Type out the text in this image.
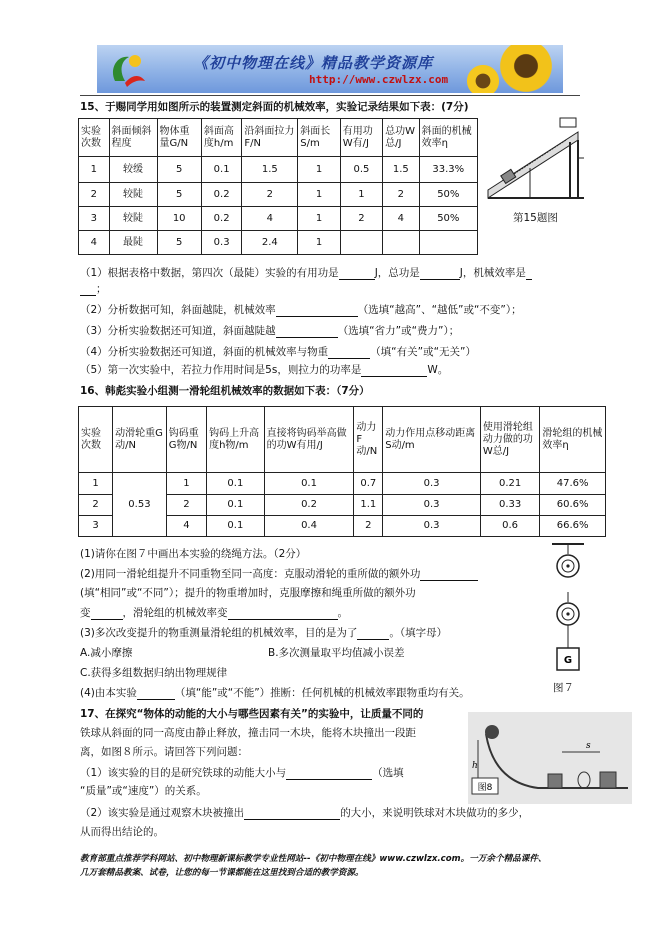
《初中物理在线》精品教学资源库
http://www.czwlzx.com
15、于赐同学用如图所示的装置测定斜面的机械效率，实验记录结果如下表：(7分)
实验次数	斜面倾斜程度	物体重量G/N	斜面高度h/m	沿斜面拉力F/N	斜面长S/m	有用功W有/J	总功W总/J	斜面的机械效率η
1	较缓	5	0.1	1.5	1	0.5	1.5	33.3%
2	较陡	5	0.2	2	1	1	2	50%
3	较陡	10	0.2	4	1	2	4	50%
4	最陡	5	0.3	2.4	1			
第15题图
（1）根据表格中数据，第四次（最陡）实验的有用功是	J，总功是	J，机械效率是
；
（2）分析数据可知，斜面越陡，机械效率	（选填“越高”、“越低”或“不变”）；
（3）分析实验数据还可知道，斜面越陡越	（选填“省力”或“费力”）；
（4）分析实验数据还可知道，斜面的机械效率与物重	（填“有关”或“无关”）
（5）第一次实验中，若拉力作用时间是5s，则拉力的功率是	W。
16、韩彪实验小组测一滑轮组机械效率的数据如下表：（7分）
实验次数	动滑轮重G动/N	钩码重G物/N	钩码上升高度h物/m	直接将钩码举高做的功W有用/J	动力F动/N	动力作用点移动距离S动/m	使用滑轮组动力做的功W总/J	滑轮组的机械效率η
1	0.53	1	0.1	0.1	0.7	0.3	0.21	47.6%
2		2	0.1	0.2	1.1	0.3	0.33	60.6%
3		4	0.1	0.4	2	0.3	0.6	66.6%
G
图７
(1)请你在图７中画出本实验的绕绳方法。（2分）
(2)用同一滑轮组提升不同重物至同一高度：克服动滑轮的重所做的额外功
(填“相同”或“不同”）；提升的物重增加时，克服摩擦和绳重所做的额外功
变	，滑轮组的机械效率变	。
(3)多次改变提升的物重测量滑轮组的机械效率，目的是为了	。（填字母）
A.减小摩擦	B.多次测量取平均值减小误差
C.获得多组数据归纳出物理规律
(4)由本实验	（填“能”或“不能”）推断：任何机械的机械效率跟物重均有关。
17、在探究“物体的动能的大小与哪些因素有关”的实验中，让质量不同的
铁球从斜面的同一高度由静止释放，撞击同一木块，能将木块撞出一段距
离，如图８所示。请回答下列问题：
（1）该实验的目的是研究铁球的动能大小与	（选填
“质量”或“速度”）的关系。
（2）该实验是通过观察木块被撞出	的大小，来说明铁球对木块做功的多少，
从而得出结论的。
h
s
图8
教育部重点推荐学科网站、初中物理新课标教学专业性网站--《初中物理在线》www.czwlzx.com。一万余个精品课件、
几万套精品教案、试卷，让您的每一节课都能在这里找到合适的教学资源。
